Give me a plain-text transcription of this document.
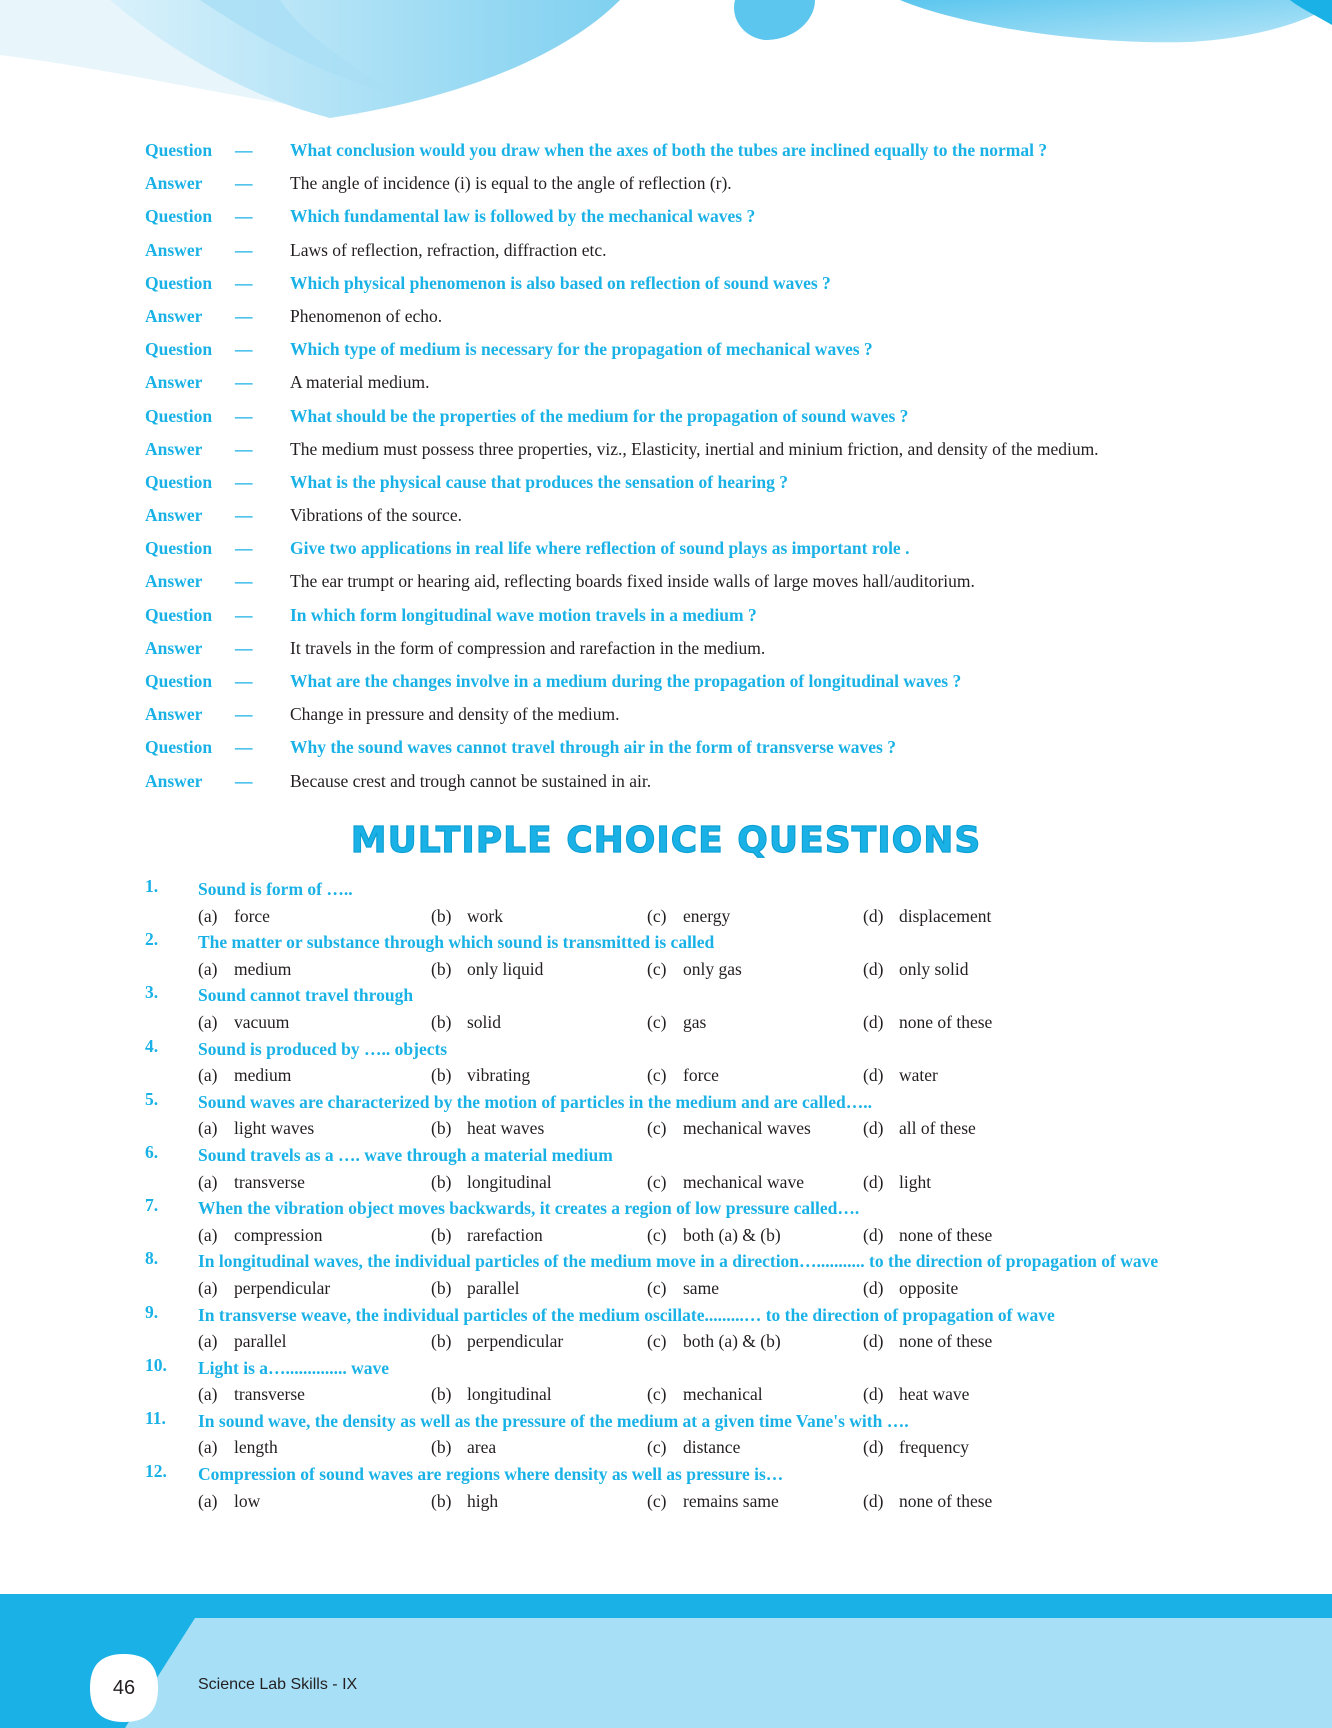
Question	— What conclusion would you draw when the axes of both the tubes are inclined equally to the normal ?
Answer	— The angle of incidence (i) is equal to the angle of reflection (r).
Question	— Which fundamental law is followed by the mechanical waves ?
Answer	— Laws of reflection, refraction, diffraction etc.
Question	— Which physical phenomenon is also based on reflection of sound waves ?
Answer	— Phenomenon of echo.
Question	— Which type of medium is necessary for the propagation of mechanical waves ?
Answer	— A material medium.
Question	— What should be the properties of the medium for the propagation of sound waves ?
Answer	— The medium must possess three properties, viz., Elasticity, inertial and minium friction, and density of the medium.
Question	— What is the physical cause that produces the sensation of hearing ?
Answer	— Vibrations of the source.
Question	— Give two applications in real life where reflection of sound plays as important role .
Answer	— The ear trumpt or hearing aid, reflecting boards fixed inside walls of large moves hall/auditorium.
Question	— In which form longitudinal wave motion travels in a medium ?
Answer	— It travels in the form of compression and rarefaction in the medium.
Question	— What are the changes involve in a medium during the propagation of longitudinal waves ?
Answer	— Change in pressure and density of the medium.
Question	— Why the sound waves cannot travel through air in the form of transverse waves ?
Answer	— Because crest and trough cannot be sustained in air.
MULTIPLE CHOICE QUESTIONS
1. Sound is form of …..
(a) force	(b) work	(c) energy	(d) displacement
2. The matter or substance through which sound is transmitted is called
(a) medium	(b) only liquid	(c) only gas	(d) only solid
3. Sound cannot travel through
(a) vacuum	(b) solid	(c) gas	(d) none of these
4. Sound is produced by ….. objects
(a) medium	(b) vibrating	(c) force	(d) water
5. Sound waves are characterized by the motion of particles in the medium and are called…..
(a) light waves	(b) heat waves	(c) mechanical waves	(d) all of these
6. Sound travels as a …. wave through a material medium
(a) transverse	(b) longitudinal	(c) mechanical wave	(d) light
7. When the vibration object moves backwards, it creates a region of low pressure called….
(a) compression	(b) rarefaction	(c) both (a) & (b)	(d) none of these
8. In longitudinal waves, the individual particles of the medium move in a direction…........... to the direction of propagation of wave
(a) perpendicular	(b) parallel	(c) same	(d) opposite
9. In transverse weave, the individual particles of the medium oscillate.........… to the direction of propagation of wave
(a) parallel	(b) perpendicular	(c) both (a) & (b)	(d) none of these
10. Light is a….............. wave
(a) transverse	(b) longitudinal	(c) mechanical	(d) heat wave
11. In sound wave, the density as well as the pressure of the medium at a given time Vane's with ….
(a) length	(b) area	(c) distance	(d) frequency
12. Compression of sound waves are regions where density as well as pressure is…
(a) low	(b) high	(c) remains same	(d) none of these
46	Science Lab Skills - IX
